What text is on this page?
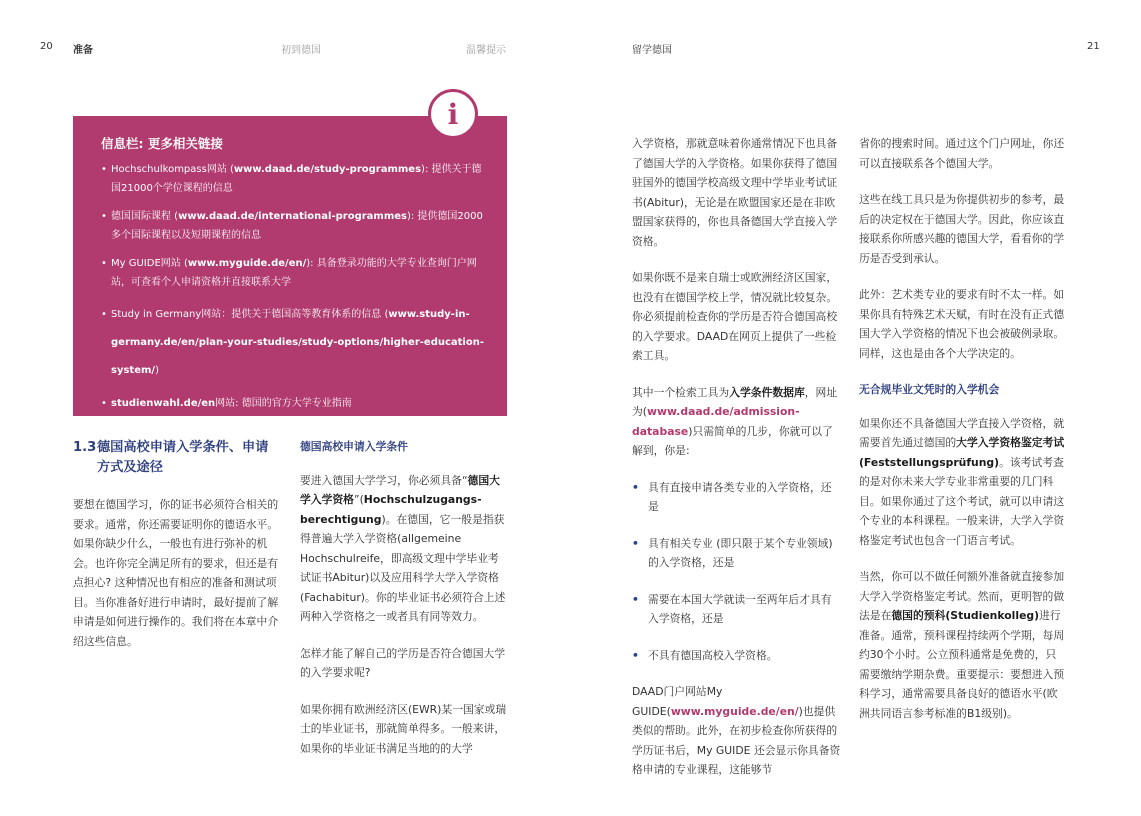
20 准备	初到德国	温馨提示	留学德国	21
i
信息栏: 更多相关链接
• Hochschulkompass网站 (www.daad.de/study-programmes): 提供关于德国21000个学位课程的信息
• 德国国际课程 (www.daad.de/international-programmes): 提供德国2000多个国际课程以及短期课程的信息
• My GUIDE网站 (www.myguide.de/en/): 具备登录功能的大学专业查询门户网站，可查看个人申请资格并直接联系大学
• Study in Germany网站：提供关于德国高等教育体系的信息 (www.study-in-germany.de/en/plan-your-studies/study-options/higher-education-system/)
• studienwahl.de/en网站: 德国的官方大学专业指南
1.3德国高校申请入学条件、申请
方式及途径

要想在德国学习，你的证书必须符合相关的要求。通常，你还需要证明你的德语水平。如果你缺少什么，一般也有进行弥补的机会。也许你完全满足所有的要求，但还是有点担心? 这种情况也有相应的准备和测试项目。当你准备好进行申请时，最好提前了解申请是如何进行操作的。我们将在本章中介绍这些信息。

德国高校申请入学条件

要进入德国大学学习，你必须具备“德国大学入学资格”(Hochschulzugangs-berechtigung)。在德国，它一般是指获得普遍大学入学资格(allgemeine Hochschulreife，即高级文理中学毕业考试证书Abitur)以及应用科学大学入学资格(Fachabitur)。你的毕业证书必须符合上述两种入学资格之一或者具有同等效力。

怎样才能了解自己的学历是否符合德国大学的入学要求呢?

如果你拥有欧洲经济区(EWR)某一国家或瑞士的毕业证书，那就简单得多。一般来讲，如果你的毕业证书满足当地的的大学

入学资格，那就意味着你通常情况下也具备了德国大学的入学资格。如果你获得了德国驻国外的德国学校高级文理中学毕业考试证书(Abitur)，无论是在欧盟国家还是在非欧盟国家获得的，你也具备德国大学直接入学资格。

如果你既不是来自瑞士或欧洲经济区国家，也没有在德国学校上学，情况就比较复杂。你必须提前检查你的学历是否符合德国高校的入学要求。DAAD在网页上提供了一些检索工具。

其中一个检索工具为入学条件数据库，网址为(www.daad.de/admission-database)只需简单的几步，你就可以了解到，你是:

• 具有直接申请各类专业的入学资格，还是
• 具有相关专业 (即只限于某个专业领域) 的入学资格，还是
• 需要在本国大学就读一至两年后才具有入学资格，还是
• 不具有德国高校入学资格。

DAAD门户网站My GUIDE(www.myguide.de/en/)也提供类似的帮助。此外，在初步检查你所获得的学历证书后，My GUIDE 还会显示你具备资格申请的专业课程，这能够节

省你的搜索时间。通过这个门户网址，你还可以直接联系各个德国大学。

这些在线工具只是为你提供初步的参考，最后的决定权在于德国大学。因此，你应该直接联系你所感兴趣的德国大学，看看你的学历是否受到承认。

此外：艺术类专业的要求有时不太一样。如果你具有特殊艺术天赋，有时在没有正式德国大学入学资格的情况下也会被破例录取。同样，这也是由各个大学决定的。

无合规毕业文凭时的入学机会

如果你还不具备德国大学直接入学资格，就需要首先通过德国的大学入学资格鉴定考试(Feststellungsprüfung)。该考试考查的是对你未来大学专业非常重要的几门科目。如果你通过了这个考试，就可以申请这个专业的本科课程。一般来讲，大学入学资格鉴定考试也包含一门语言考试。

当然，你可以不做任何额外准备就直接参加大学入学资格鉴定考试。然而，更明智的做法是在德国的预科(Studienkolleg)进行准备。通常，预科课程持续两个学期，每周约30个小时。公立预科通常是免费的，只需要缴纳学期杂费。重要提示：要想进入预科学习，通常需要具备良好的德语水平(欧洲共同语言参考标准的B1级别)。
